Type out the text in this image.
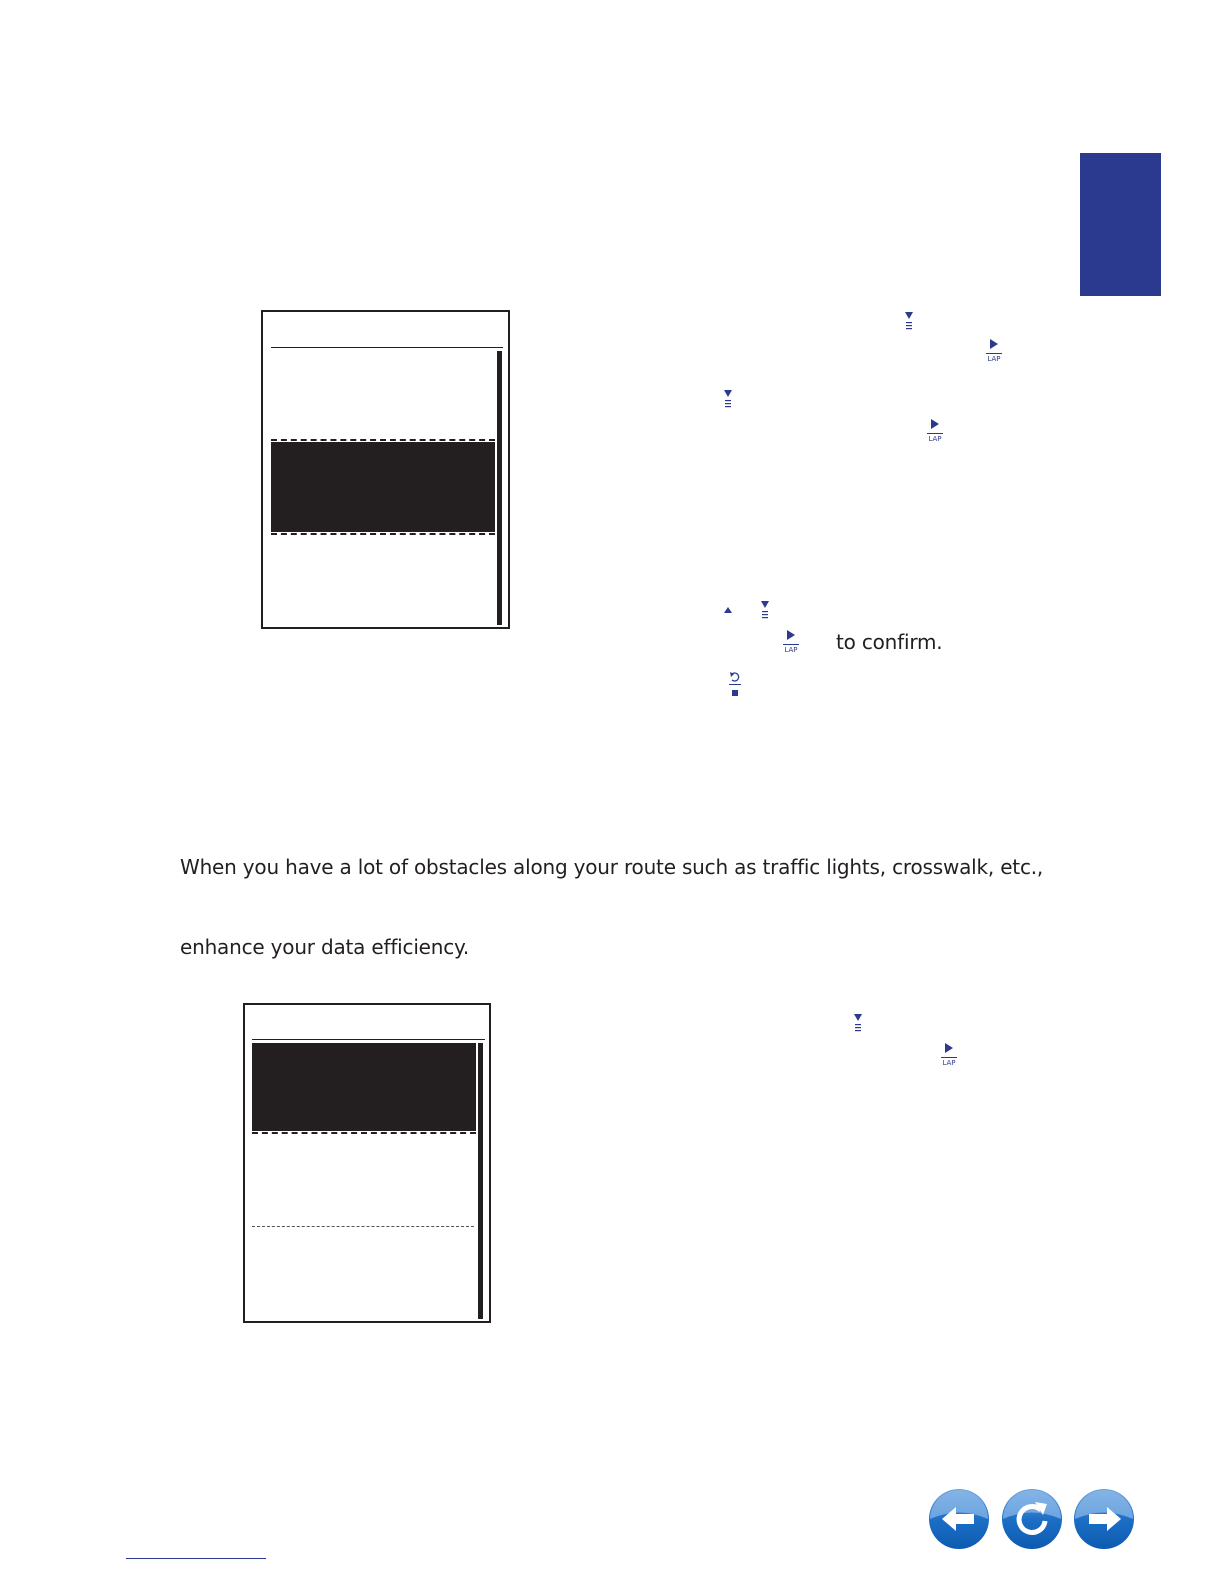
LAP
LAP
LAP to confirm.
When you have a lot of obstacles along your route such as traffic lights, crosswalk, etc.,
enhance your data efficiency.
LAP
